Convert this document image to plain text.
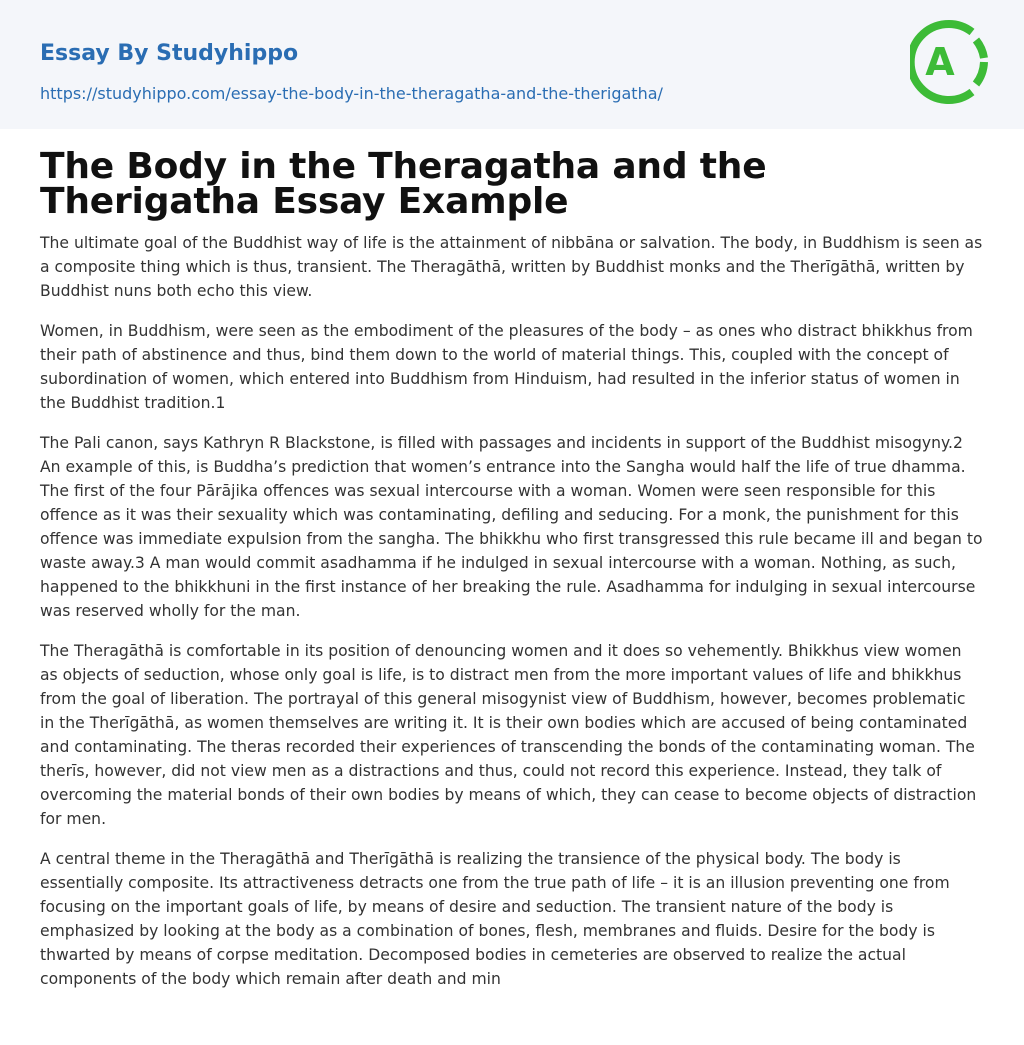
Essay By Studyhippo
https://studyhippo.com/essay-the-body-in-the-theragatha-and-the-therigatha/
A
The Body in the Theragatha and the Therigatha Essay Example

The ultimate goal of the Buddhist way of life is the attainment of nibbāna or salvation. The body, in Buddhism is seen as a composite thing which is thus, transient. The Theragāthā, written by Buddhist monks and the Therīgāthā, written by Buddhist nuns both echo this view.

Women, in Buddhism, were seen as the embodiment of the pleasures of the body – as ones who distract bhikkhus from their path of abstinence and thus, bind them down to the world of material things. This, coupled with the concept of subordination of women, which entered into Buddhism from Hinduism, had resulted in the inferior status of women in the Buddhist tradition.1

The Pali canon, says Kathryn R Blackstone, is filled with passages and incidents in support of the Buddhist misogyny.2 An example of this, is Buddha’s prediction that women’s entrance into the Sangha would half the life of true dhamma. The first of the four Pārājika offences was sexual intercourse with a woman. Women were seen responsible for this offence as it was their sexuality which was contaminating, defiling and seducing. For a monk, the punishment for this offence was immediate expulsion from the sangha. The bhikkhu who first transgressed this rule became ill and began to waste away.3 A man would commit asadhamma if he indulged in sexual intercourse with a woman. Nothing, as such, happened to the bhikkhuni in the first instance of her breaking the rule. Asadhamma for indulging in sexual intercourse was reserved wholly for the man.

The Theragāthā is comfortable in its position of denouncing women and it does so vehemently. Bhikkhus view women as objects of seduction, whose only goal is life, is to distract men from the more important values of life and bhikkhus from the goal of liberation. The portrayal of this general misogynist view of Buddhism, however, becomes problematic in the Therīgāthā, as women themselves are writing it. It is their own bodies which are accused of being contaminated and contaminating. The theras recorded their experiences of transcending the bonds of the contaminating woman. The therīs, however, did not view men as a distractions and thus, could not record this experience. Instead, they talk of overcoming the material bonds of their own bodies by means of which, they can cease to become objects of distraction for men.

A central theme in the Theragāthā and Therīgāthā is realizing the transience of the physical body. The body is essentially composite. Its attractiveness detracts one from the true path of life – it is an illusion preventing one from focusing on the important goals of life, by means of desire and seduction. The transient nature of the body is emphasized by looking at the body as a combination of bones, flesh, membranes and fluids. Desire for the body is thwarted by means of corpse meditation. Decomposed bodies in cemeteries are observed to realize the actual components of the body which remain after death and min
